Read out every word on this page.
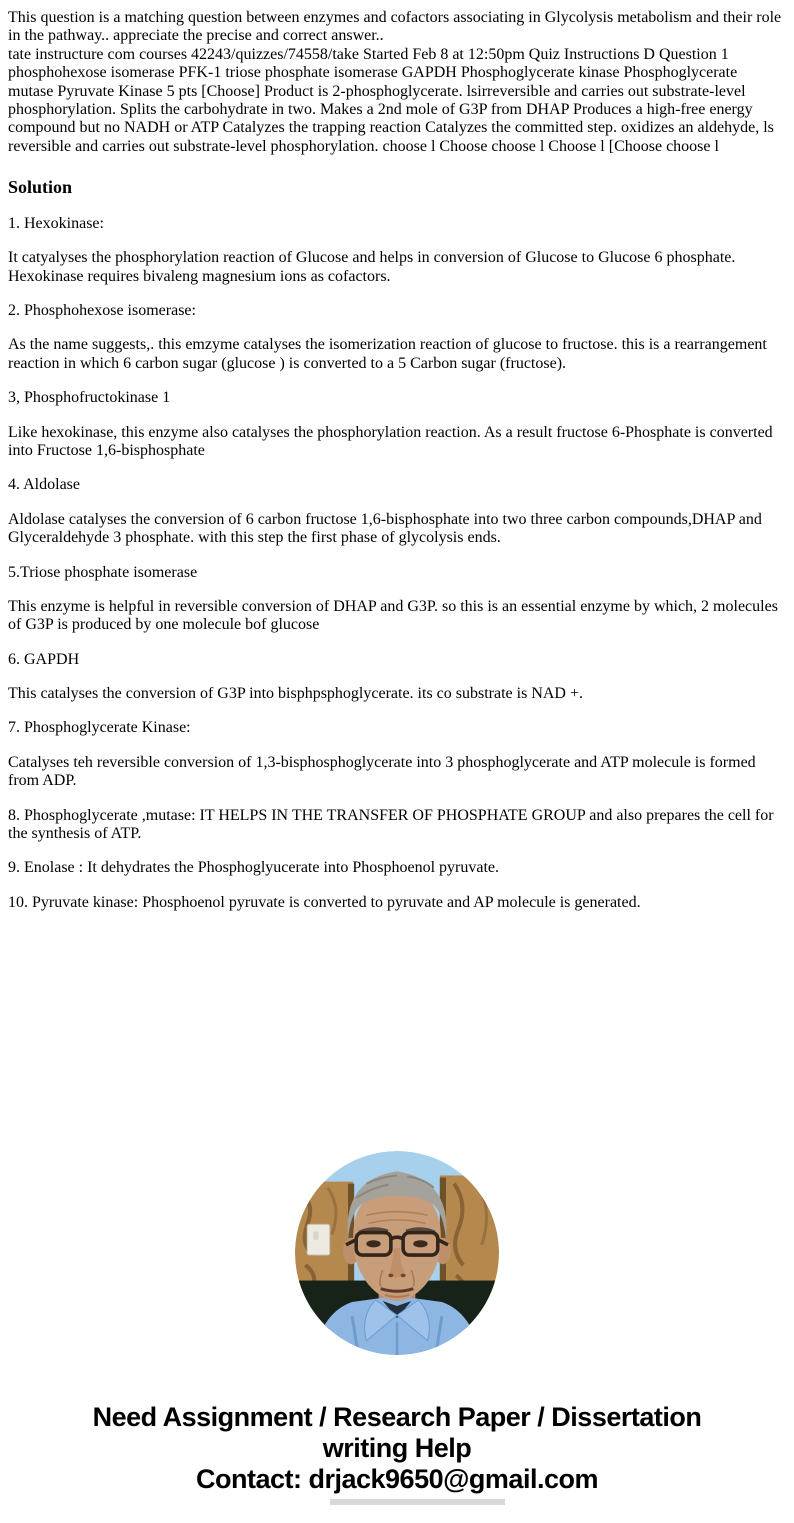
This question is a matching question between enzymes and cofactors associating in Glycolysis metabolism and their role in the pathway.. appreciate the precise and correct answer..
tate instructure com courses 42243/quizzes/74558/take Started Feb 8 at 12:50pm Quiz Instructions D Question 1 phosphohexose isomerase PFK-1 triose phosphate isomerase GAPDH Phosphoglycerate kinase Phosphoglycerate mutase Pyruvate Kinase 5 pts [Choose] Product is 2-phosphoglycerate. lsirreversible and carries out substrate-level phosphorylation. Splits the carbohydrate in two. Makes a 2nd mole of G3P from DHAP Produces a high-free energy compound but no NADH or ATP Catalyzes the trapping reaction Catalyzes the committed step. oxidizes an aldehyde, ls reversible and carries out substrate-level phosphorylation. choose l Choose choose l Choose l [Choose choose l
Solution

1. Hexokinase:

It catyalyses the phosphorylation reaction of Glucose and helps in conversion of Glucose to Glucose 6 phosphate. Hexokinase requires bivaleng magnesium ions as cofactors.

2. Phosphohexose isomerase:

As the name suggests,. this emzyme catalyses the isomerization reaction of glucose to fructose. this is a rearrangement reaction in which 6 carbon sugar (glucose ) is converted to a 5 Carbon sugar (fructose).

3, Phosphofructokinase 1

Like hexokinase, this enzyme also catalyses the phosphorylation reaction. As a result fructose 6-Phosphate is converted into Fructose 1,6-bisphosphate

4. Aldolase

Aldolase catalyses the conversion of 6 carbon fructose 1,6-bisphosphate into two three carbon compounds,DHAP and Glyceraldehyde 3 phosphate. with this step the first phase of glycolysis ends.

5.Triose phosphate isomerase

This enzyme is helpful in reversible conversion of DHAP and G3P. so this is an essential enzyme by which, 2 molecules of G3P is produced by one molecule bof glucose

6. GAPDH

This catalyses the conversion of G3P into bisphpsphoglycerate. its co substrate is NAD +.

7. Phosphoglycerate Kinase:

Catalyses teh reversible conversion of 1,3-bisphosphoglycerate into 3 phosphoglycerate and ATP molecule is formed from ADP.

8. Phosphoglycerate ,mutase: IT HELPS IN THE TRANSFER OF PHOSPHATE GROUP and also prepares the cell for the synthesis of ATP.

9. Enolase : It dehydrates the Phosphoglyucerate into Phosphoenol pyruvate.

10. Pyruvate kinase: Phosphoenol pyruvate is converted to pyruvate and AP molecule is generated.

Need Assignment / Research Paper / Dissertation
writing Help
Contact: drjack9650@gmail.com
